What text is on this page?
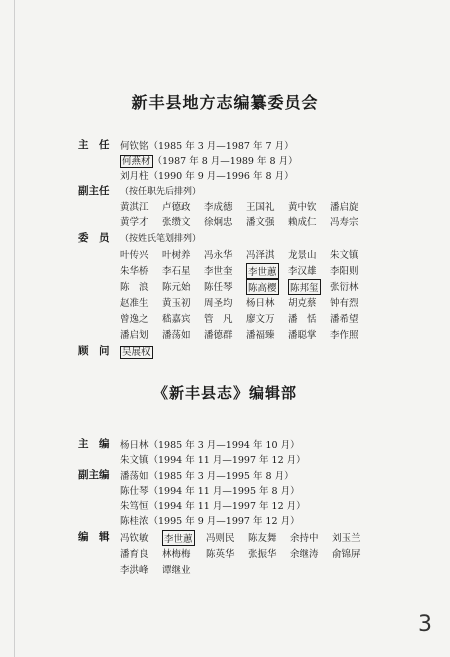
新丰县地方志编纂委员会
主　任 何钦铭（1985 年 3 月—1987 年 7 月）
何燕材 （1987 年 8 月—1989 年 8 月）
刘月柱（1990 年 9 月—1996 年 8 月）
副主任 （按任职先后排列）
黄淇江 卢德政 李成德 王国礼 黄中钦 潘启旋
黄学才 张缵文 徐炯忠 潘文强 赖成仁 冯寿宗
委　员 （按姓氏笔划排列）
叶传兴 叶树养 冯永华 冯泽淇 龙景山 朱文镇
朱华桥 李石星 李世奎 李世蕙 李汉雄 李阳则
陈　浪 陈元始 陈任琴 陈高樱 陈邦玺 张衍林
赵准生 黄玉初 周圣均 杨日林 胡克蔡 钟有烈
曾逸之 嵇嘉宾 管　凡 廖文万 潘　恬 潘希望
潘启划 潘荡如 潘德群 潘福臻 潘聪掌 李作照
顾　问 吴展权
《新丰县志》编辑部
主　编 杨日林（1985 年 3 月—1994 年 10 月）
朱文镇（1994 年 11 月—1997 年 12 月）
副主编 潘荡如（1985 年 3 月—1995 年 8 月）
陈仕琴（1994 年 11 月—1995 年 8 月）
朱笃恒（1994 年 11 月—1997 年 12 月）
陈桂浓（1995 年 9 月—1997 年 12 月）
编　辑 冯钦敏 李世蕙 冯则民 陈友舞 余持中 刘玉兰
潘育良 林梅梅 陈英华 张振华 余继涛 俞锦屏
李洪峰 谭继业
3
